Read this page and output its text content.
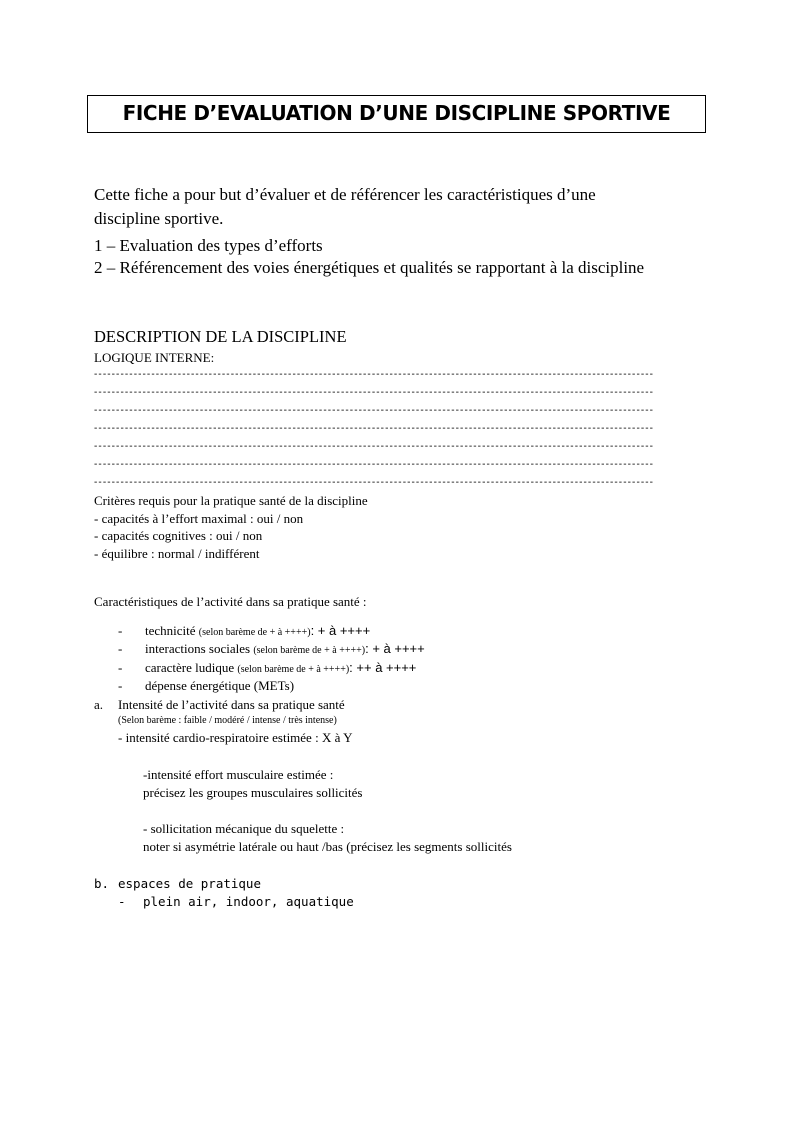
FICHE D’EVALUATION D’UNE DISCIPLINE SPORTIVE
Cette fiche a pour but d’évaluer et de référencer les caractéristiques d’une
discipline sportive.
1 – Evaluation des types d’efforts
2 – Référencement des voies énergétiques et qualités se rapportant à la discipline
DESCRIPTION DE LA DISCIPLINE
LOGIQUE INTERNE:
-------------------------------------------------------------------------------------------------------------------------------
-------------------------------------------------------------------------------------------------------------------------------
-------------------------------------------------------------------------------------------------------------------------------
-------------------------------------------------------------------------------------------------------------------------------
-------------------------------------------------------------------------------------------------------------------------------
-------------------------------------------------------------------------------------------------------------------------------
-------------------------------------------------------------------------------------------------------------------------------
Critères requis pour la pratique santé de la discipline
- capacités à l’effort maximal : oui / non
- capacités cognitives : oui / non
- équilibre : normal / indifférent
Caractéristiques de l’activité dans sa pratique santé :
- technicité (selon barème de + à ++++): + à ++++
- interactions sociales (selon barème de + à ++++): + à ++++
- caractère ludique (selon barème de + à ++++): ++ à ++++
- dépense énergétique (METs)
a. Intensité de l’activité dans sa pratique santé
(Selon barème : faible / modéré / intense / très intense)
- intensité cardio-respiratoire estimée : X à Y
-intensité effort musculaire estimée :
précisez les groupes musculaires sollicités
- sollicitation mécanique du squelette :
noter si asymétrie latérale ou haut /bas (précisez les segments sollicités
b. espaces de pratique
- plein air, indoor, aquatique
